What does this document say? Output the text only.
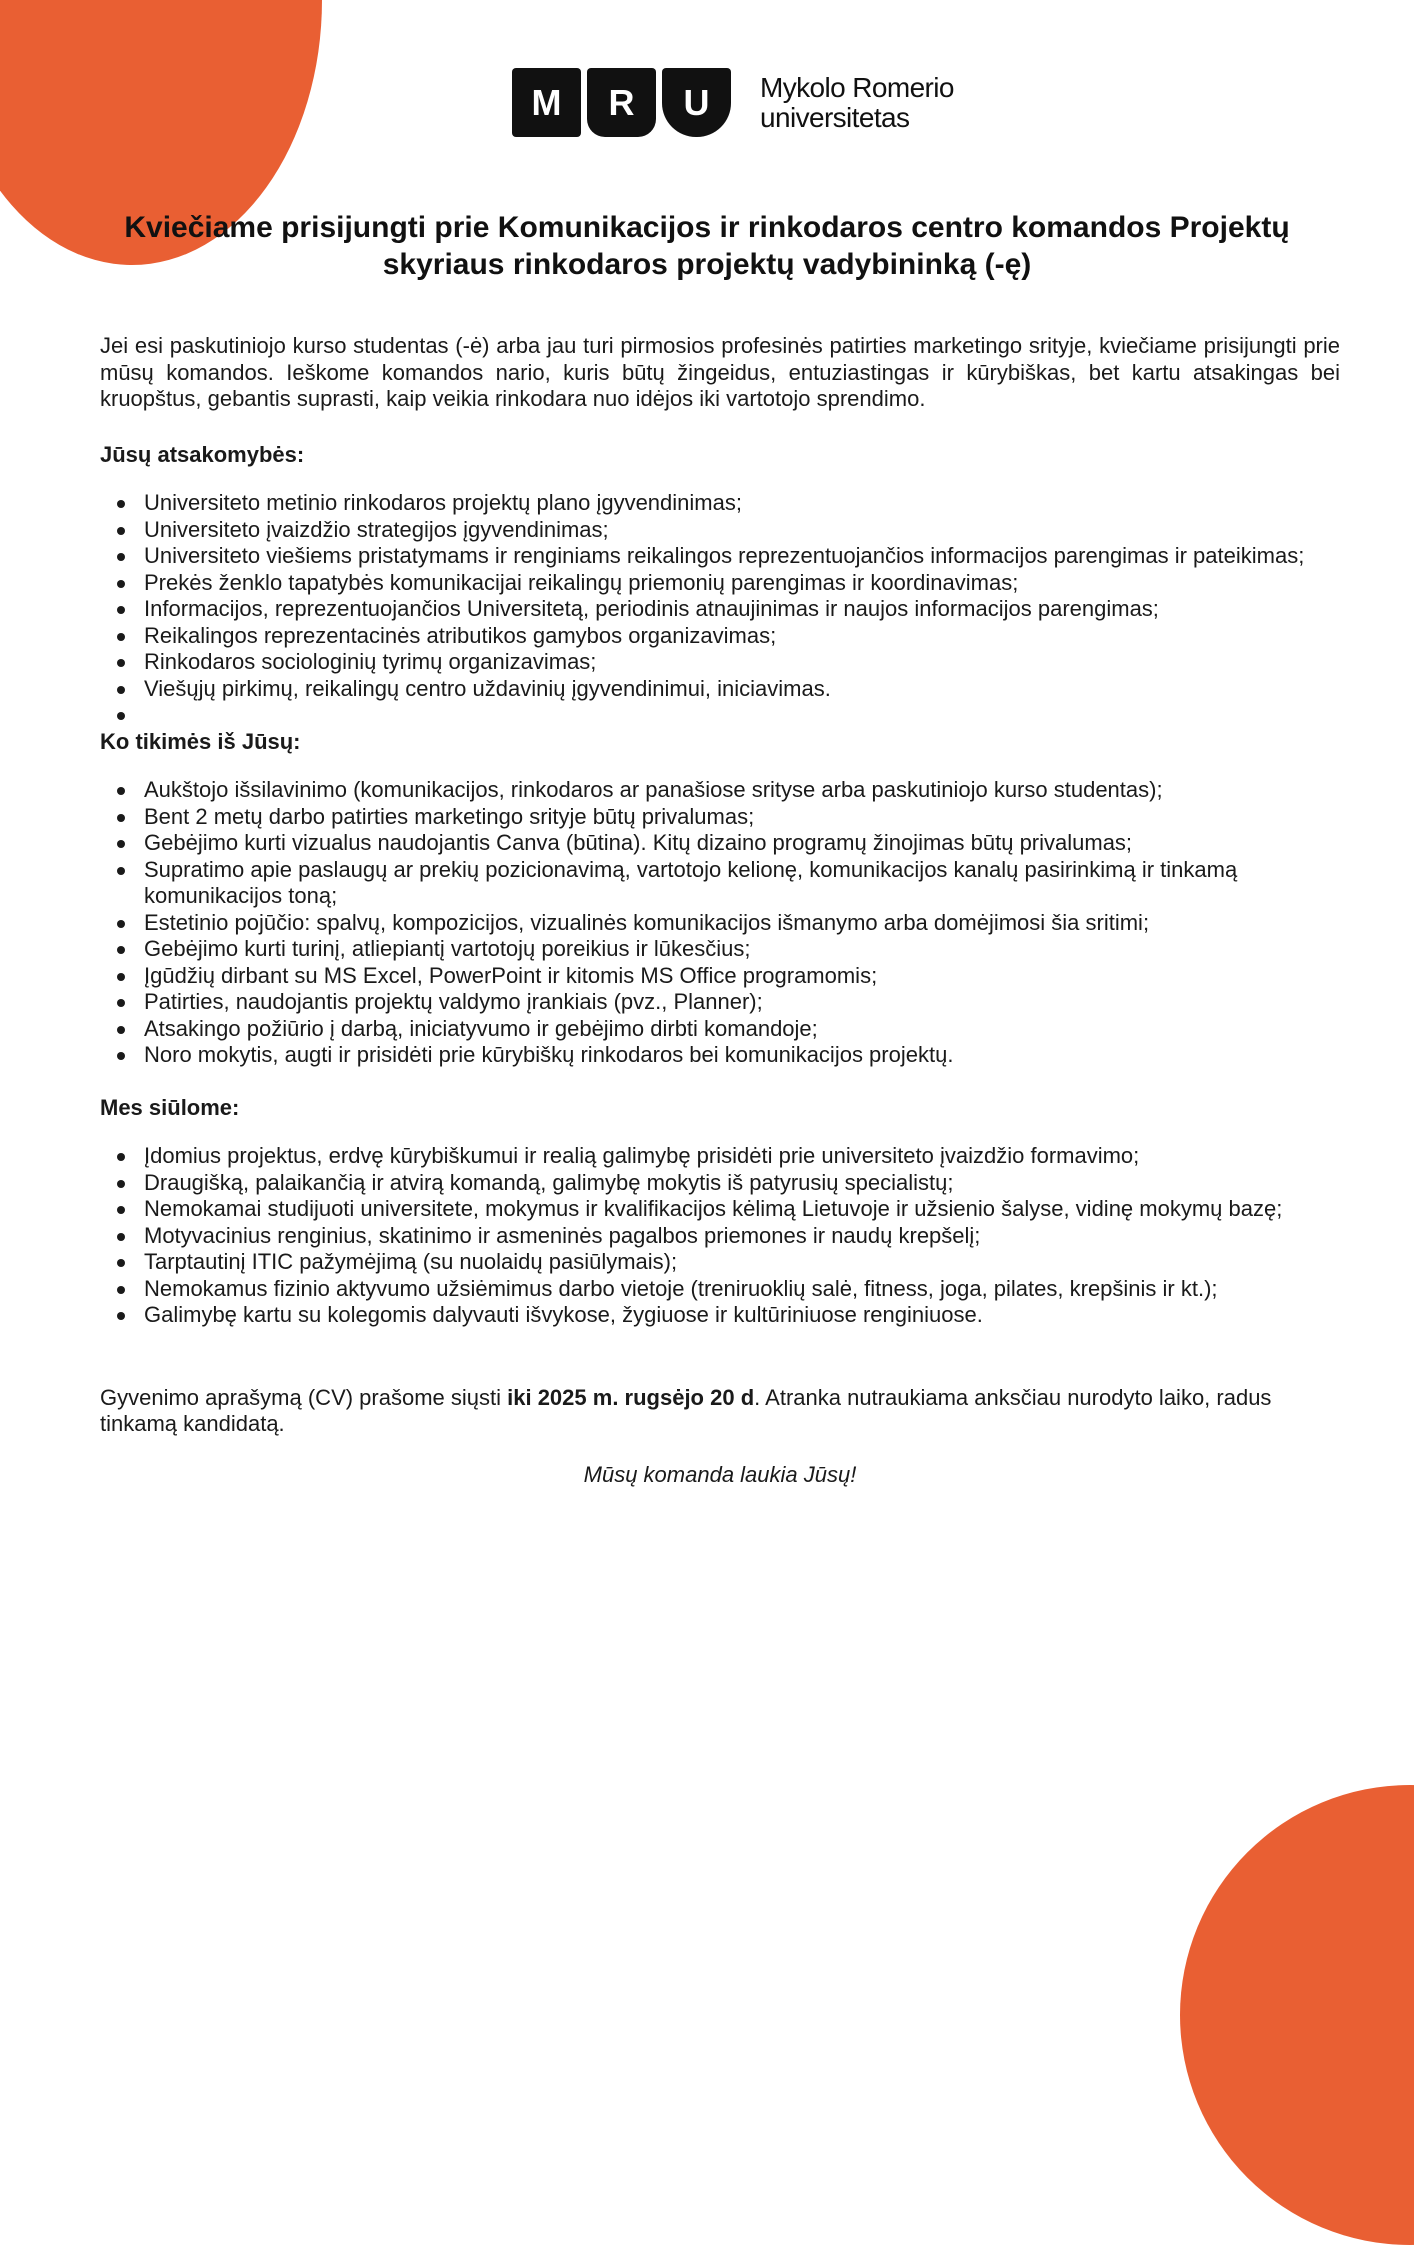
M	R	U	Mykolo Romerio
universitetas
Kviečiame prisijungti prie Komunikacijos ir rinkodaros centro komandos Projektų skyriaus rinkodaros projektų vadybininką (-ę)

Jei esi paskutiniojo kurso studentas (-ė) arba jau turi pirmosios profesinės patirties marketingo srityje, kviečiame prisijungti prie mūsų komandos. Ieškome komandos nario, kuris būtų žingeidus, entuziastingas ir kūrybiškas, bet kartu atsakingas bei kruopštus, gebantis suprasti, kaip veikia rinkodara nuo idėjos iki vartotojo sprendimo.

Jūsų atsakomybės:
Universiteto metinio rinkodaros projektų plano įgyvendinimas;
Universiteto įvaizdžio strategijos įgyvendinimas;
Universiteto viešiems pristatymams ir renginiams reikalingos reprezentuojančios informacijos parengimas ir pateikimas;
Prekės ženklo tapatybės komunikacijai reikalingų priemonių parengimas ir koordinavimas;
Informacijos, reprezentuojančios Universitetą, periodinis atnaujinimas ir naujos informacijos parengimas;
Reikalingos reprezentacinės atributikos gamybos organizavimas;
Rinkodaros sociologinių tyrimų organizavimas;
Viešųjų pirkimų, reikalingų centro uždavinių įgyvendinimui, iniciavimas.
Ko tikimės iš Jūsų:
Aukštojo išsilavinimo (komunikacijos, rinkodaros ar panašiose srityse arba paskutiniojo kurso studentas);
Bent 2 metų darbo patirties marketingo srityje būtų privalumas;
Gebėjimo kurti vizualus naudojantis Canva (būtina). Kitų dizaino programų žinojimas būtų privalumas;
Supratimo apie paslaugų ar prekių pozicionavimą, vartotojo kelionę, komunikacijos kanalų pasirinkimą ir tinkamą komunikacijos toną;
Estetinio pojūčio: spalvų, kompozicijos, vizualinės komunikacijos išmanymo arba domėjimosi šia sritimi;
Gebėjimo kurti turinį, atliepiantį vartotojų poreikius ir lūkesčius;
Įgūdžių dirbant su MS Excel, PowerPoint ir kitomis MS Office programomis;
Patirties, naudojantis projektų valdymo įrankiais (pvz., Planner);
Atsakingo požiūrio į darbą, iniciatyvumo ir gebėjimo dirbti komandoje;
Noro mokytis, augti ir prisidėti prie kūrybiškų rinkodaros bei komunikacijos projektų.
Mes siūlome:
Įdomius projektus, erdvę kūrybiškumui ir realią galimybę prisidėti prie universiteto įvaizdžio formavimo;
Draugišką, palaikančią ir atvirą komandą, galimybę mokytis iš patyrusių specialistų;
Nemokamai studijuoti universitete, mokymus ir kvalifikacijos kėlimą Lietuvoje ir užsienio šalyse, vidinę mokymų bazę;
Motyvacinius renginius, skatinimo ir asmeninės pagalbos priemones ir naudų krepšelį;
Tarptautinį ITIC pažymėjimą (su nuolaidų pasiūlymais);
Nemokamus fizinio aktyvumo užsiėmimus darbo vietoje (treniruoklių salė, fitness, joga, pilates, krepšinis ir kt.);
Galimybę kartu su kolegomis dalyvauti išvykose, žygiuose ir kultūriniuose renginiuose.

Gyvenimo aprašymą (CV) prašome siųsti iki 2025 m. rugsėjo 20 d. Atranka nutraukiama anksčiau nurodyto laiko, radus tinkamą kandidatą.

Mūsų komanda laukia Jūsų!
